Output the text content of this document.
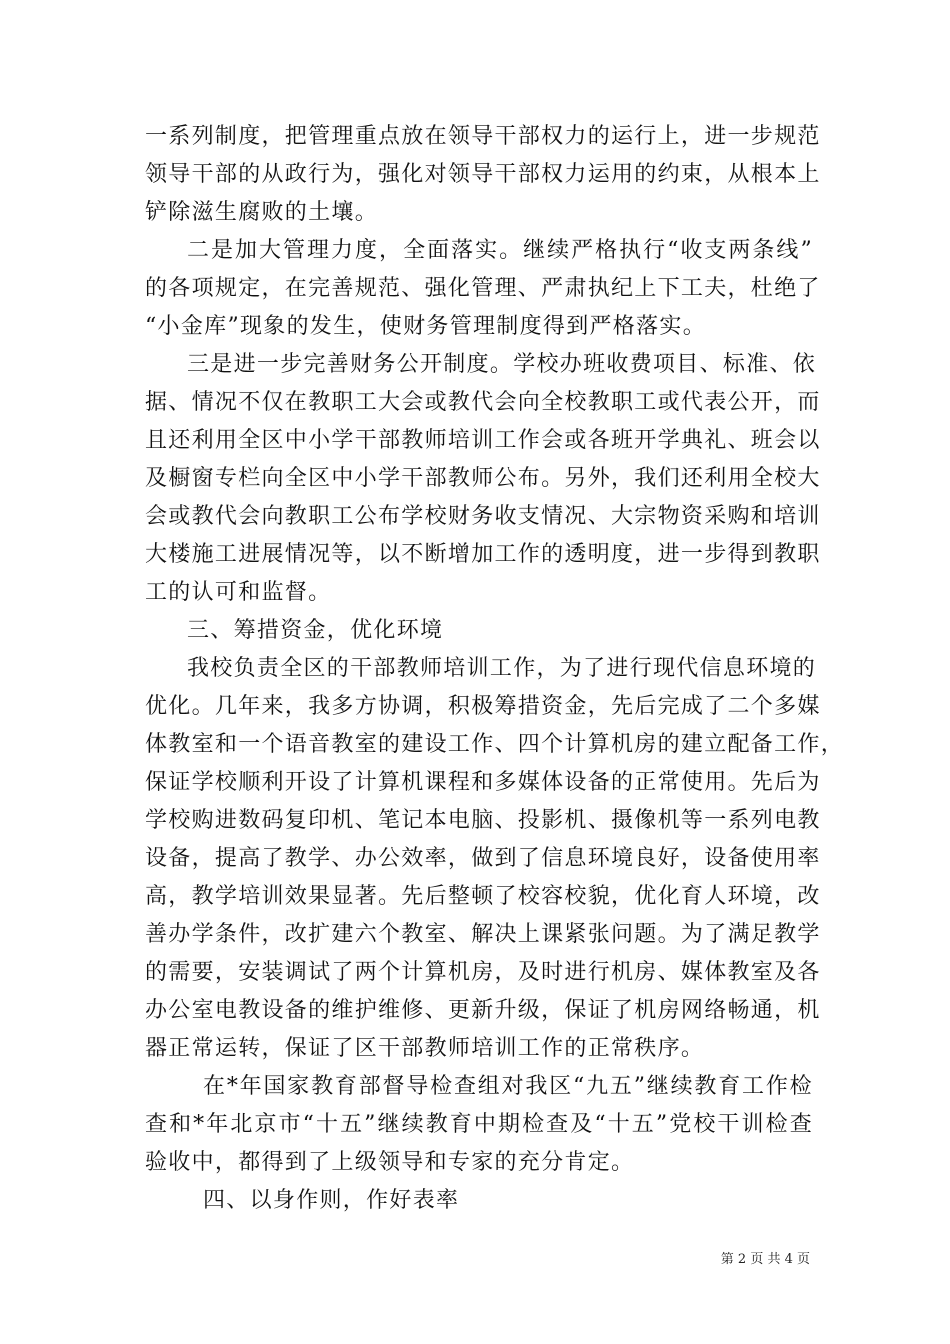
一系列制度，把管理重点放在领导干部权力的运行上，进一步规范
领导干部的从政行为，强化对领导干部权力运用的约束，从根本上
铲除滋生腐败的土壤。
二是加大管理力度，全面落实。继续严格执行“收支两条线”
的各项规定，在完善规范、强化管理、严肃执纪上下工夫，杜绝了
“小金库”现象的发生，使财务管理制度得到严格落实。
三是进一步完善财务公开制度。学校办班收费项目、标准、依
据、情况不仅在教职工大会或教代会向全校教职工或代表公开，而
且还利用全区中小学干部教师培训工作会或各班开学典礼、班会以
及橱窗专栏向全区中小学干部教师公布。另外，我们还利用全校大
会或教代会向教职工公布学校财务收支情况、大宗物资采购和培训
大楼施工进展情况等，以不断增加工作的透明度，进一步得到教职
工的认可和监督。
三、筹措资金，优化环境
我校负责全区的干部教师培训工作，为了进行现代信息环境的
优化。几年来，我多方协调，积极筹措资金，先后完成了二个多媒
体教室和一个语音教室的建设工作、四个计算机房的建立配备工作，
保证学校顺利开设了计算机课程和多媒体设备的正常使用。先后为
学校购进数码复印机、笔记本电脑、投影机、摄像机等一系列电教
设备，提高了教学、办公效率，做到了信息环境良好，设备使用率
高，教学培训效果显著。先后整顿了校容校貌，优化育人环境，改
善办学条件，改扩建六个教室、解决上课紧张问题。为了满足教学
的需要，安装调试了两个计算机房，及时进行机房、媒体教室及各
办公室电教设备的维护维修、更新升级，保证了机房网络畅通，机
器正常运转，保证了区干部教师培训工作的正常秩序。
在*年国家教育部督导检查组对我区“九五”继续教育工作检
查和*年北京市“十五”继续教育中期检查及“十五”党校干训检查
验收中，都得到了上级领导和专家的充分肯定。
四、以身作则，作好表率
第 2 页 共 4 页
